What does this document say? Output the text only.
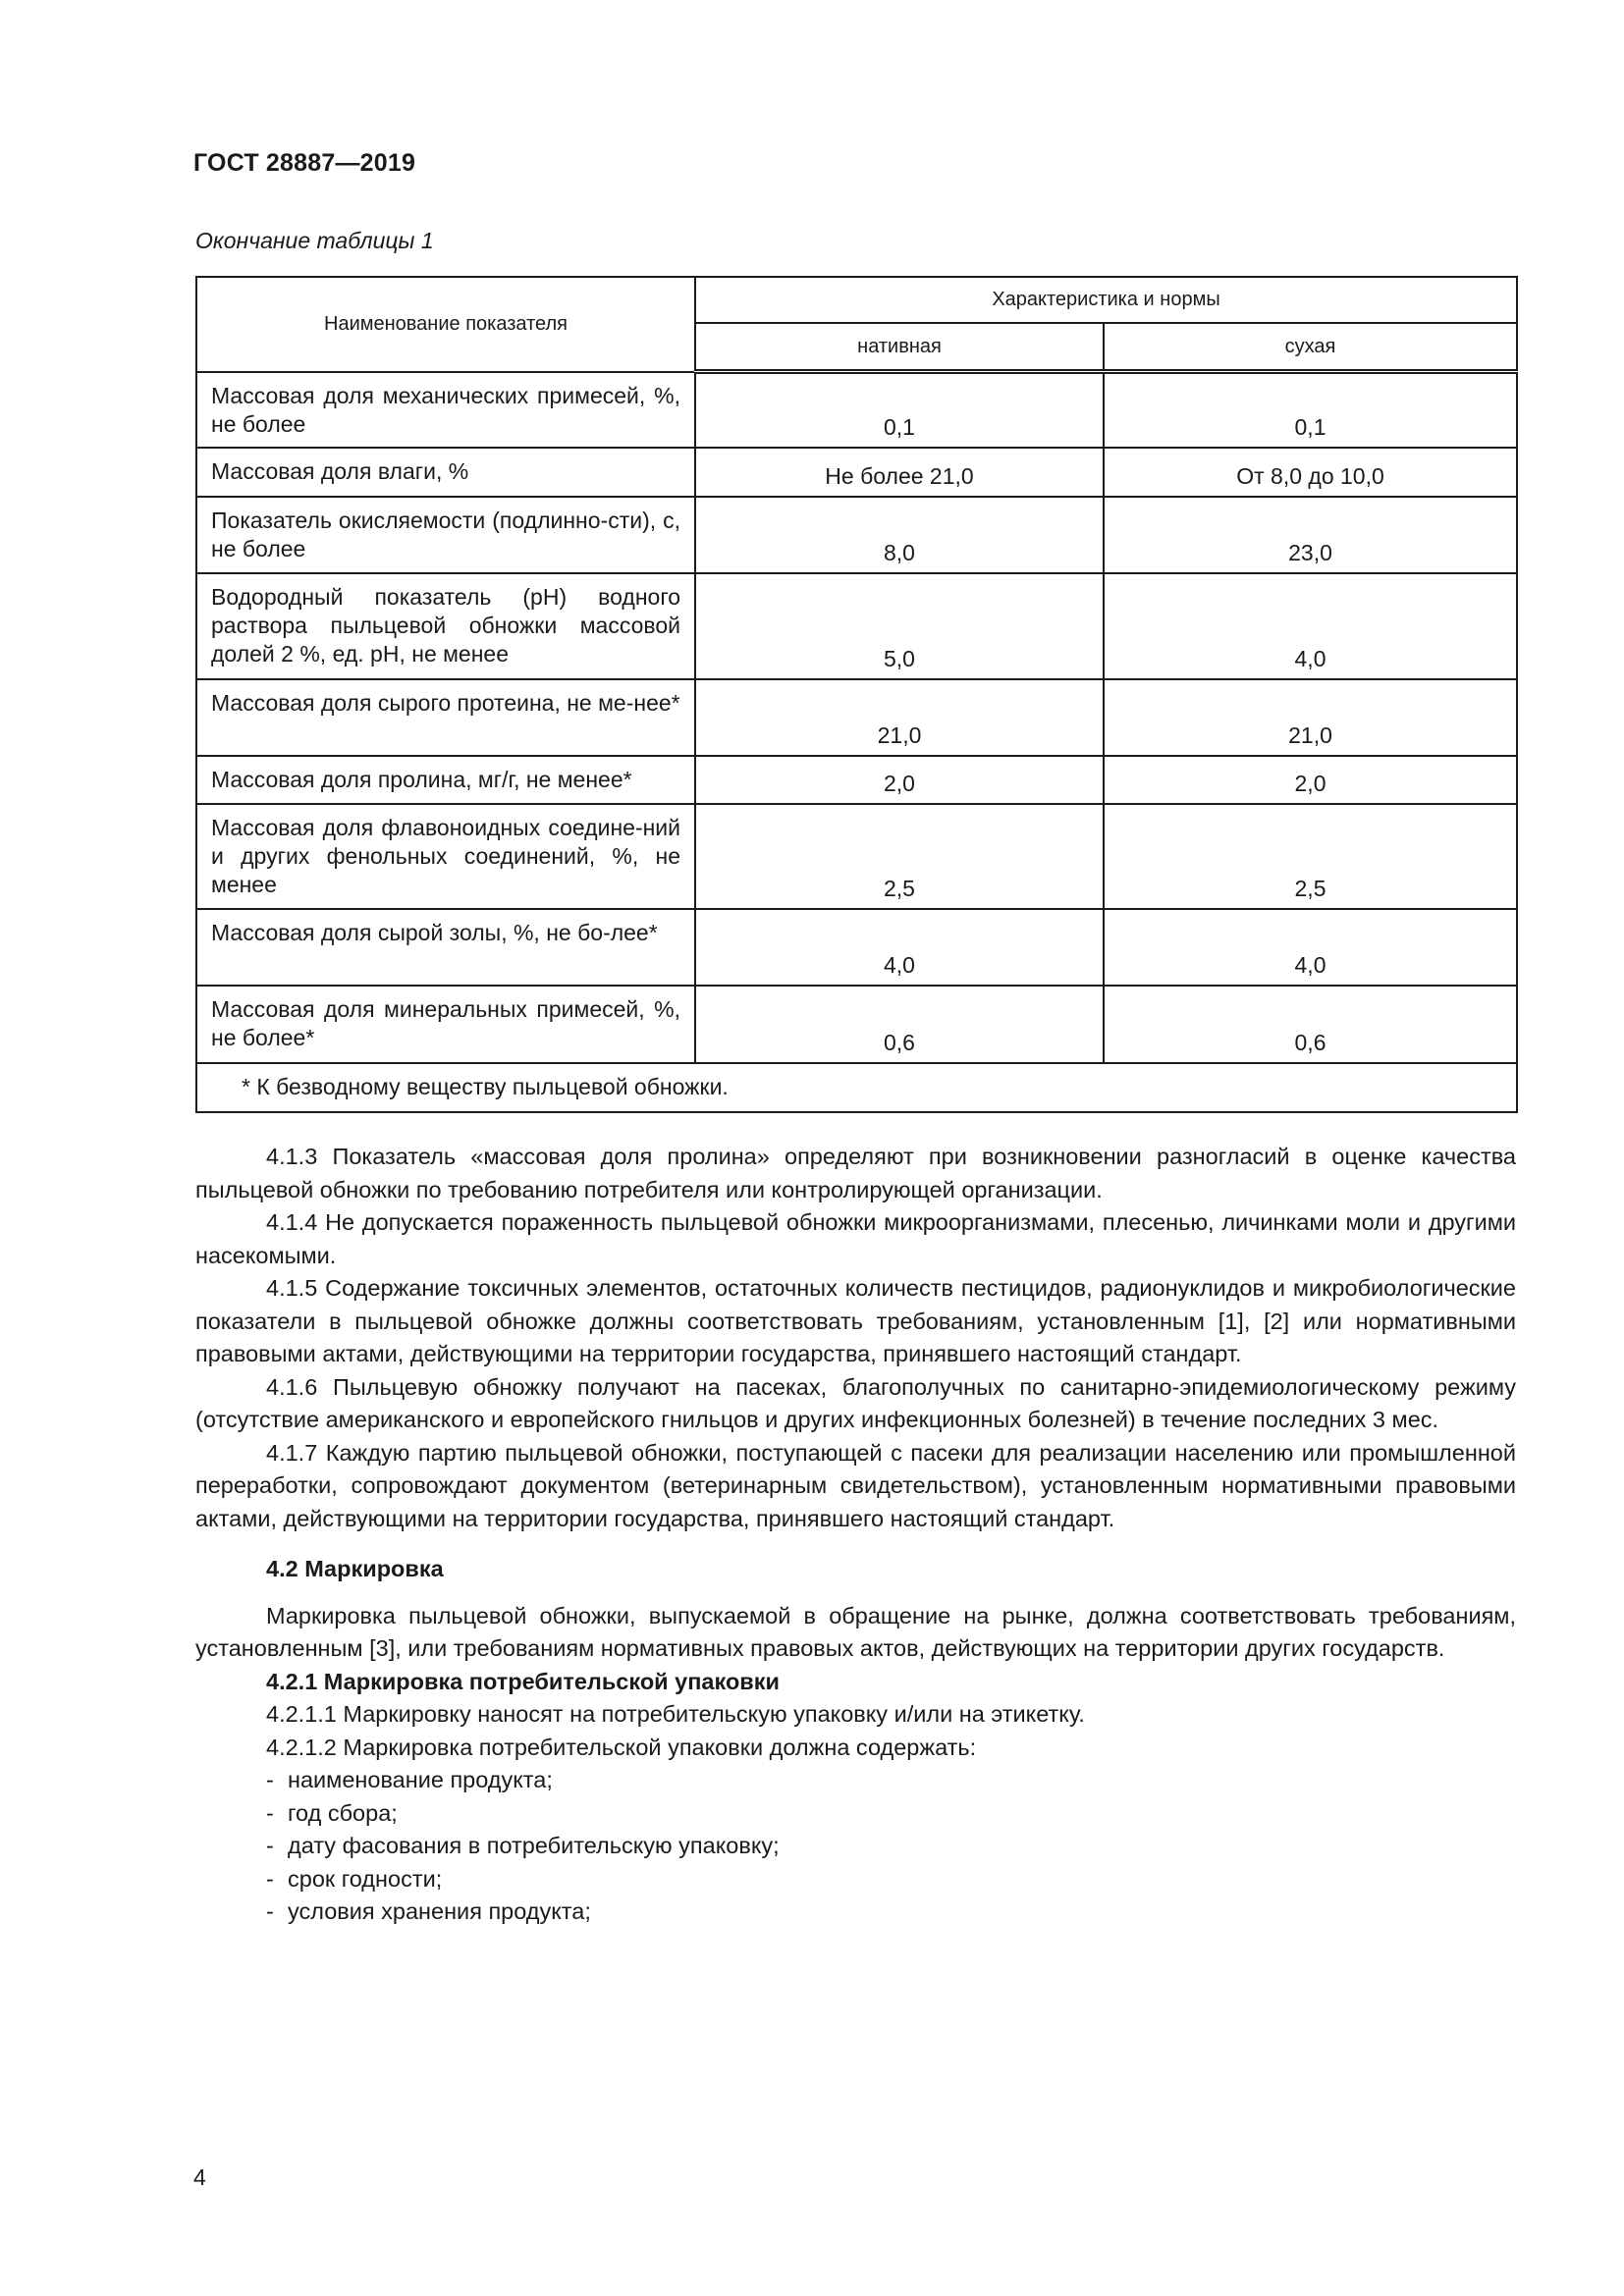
ГОСТ 28887—2019
Окончание таблицы 1
Наименование показателя	Характеристика и нормы	
	нативная	сухая
Массовая доля механических примесей, %, не более	0,1	0,1
Массовая доля влаги, %	Не более 21,0	От 8,0 до 10,0
Показатель окисляемости (подлинно-сти), с, не более	8,0	23,0
Водородный показатель (рН) водного раствора пыльцевой обножки массовой долей 2 %, ед. рН, не менее	5,0	4,0
Массовая доля сырого протеина, не ме-нее*	21,0	21,0
Массовая доля пролина, мг/г, не менее*	2,0	2,0
Массовая доля флавоноидных соедине-ний и других фенольных соединений, %, не менее	2,5	2,5
Массовая доля сырой золы, %, не бо-лее*	4,0	4,0
Массовая доля минеральных примесей, %, не более*	0,6	0,6
* К безводному веществу пыльцевой обножки.		

4.1.3 Показатель «массовая доля пролина» определяют при возникновении разногласий в оценке качества пыльцевой обножки по требованию потребителя или контролирующей организации.

4.1.4 Не допускается пораженность пыльцевой обножки микроорганизмами, плесенью, личинками моли и другими насекомыми.

4.1.5 Содержание токсичных элементов, остаточных количеств пестицидов, радионуклидов и микробиологические показатели в пыльцевой обножке должны соответствовать требованиям, установленным [1], [2] или нормативными правовыми актами, действующими на территории государства, принявшего настоящий стандарт.

4.1.6 Пыльцевую обножку получают на пасеках, благополучных по санитарно-эпидемиологическому режиму (отсутствие американского и европейского гнильцов и других инфекционных болезней) в течение последних 3 мес.

4.1.7 Каждую партию пыльцевой обножки, поступающей с пасеки для реализации населению или промышленной переработки, сопровождают документом (ветеринарным свидетельством), установленным нормативными правовыми актами, действующими на территории государства, принявшего настоящий стандарт.

4.2 Маркировка

Маркировка пыльцевой обножки, выпускаемой в обращение на рынке, должна соответствовать требованиям, установленным [3], или требованиям нормативных правовых актов, действующих на территории других государств.

4.2.1 Маркировка потребительской упаковки
4.2.1.1 Маркировку наносят на потребительскую упаковку и/или на этикетку.
4.2.1.2 Маркировка потребительской упаковки должна содержать:
- наименование продукта;
- год сбора;
- дату фасования в потребительскую упаковку;
- срок годности;
- условия хранения продукта;
4
